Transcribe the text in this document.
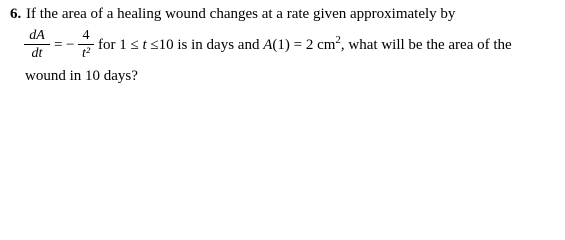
6. If the area of a healing wound changes at a rate given approximately by
dA
dt
= −
4
t²
for 1 ≤ t ≤10 is in days and A(1) = 2 $cm^2$, what will be the area of the
wound in 10 days?
